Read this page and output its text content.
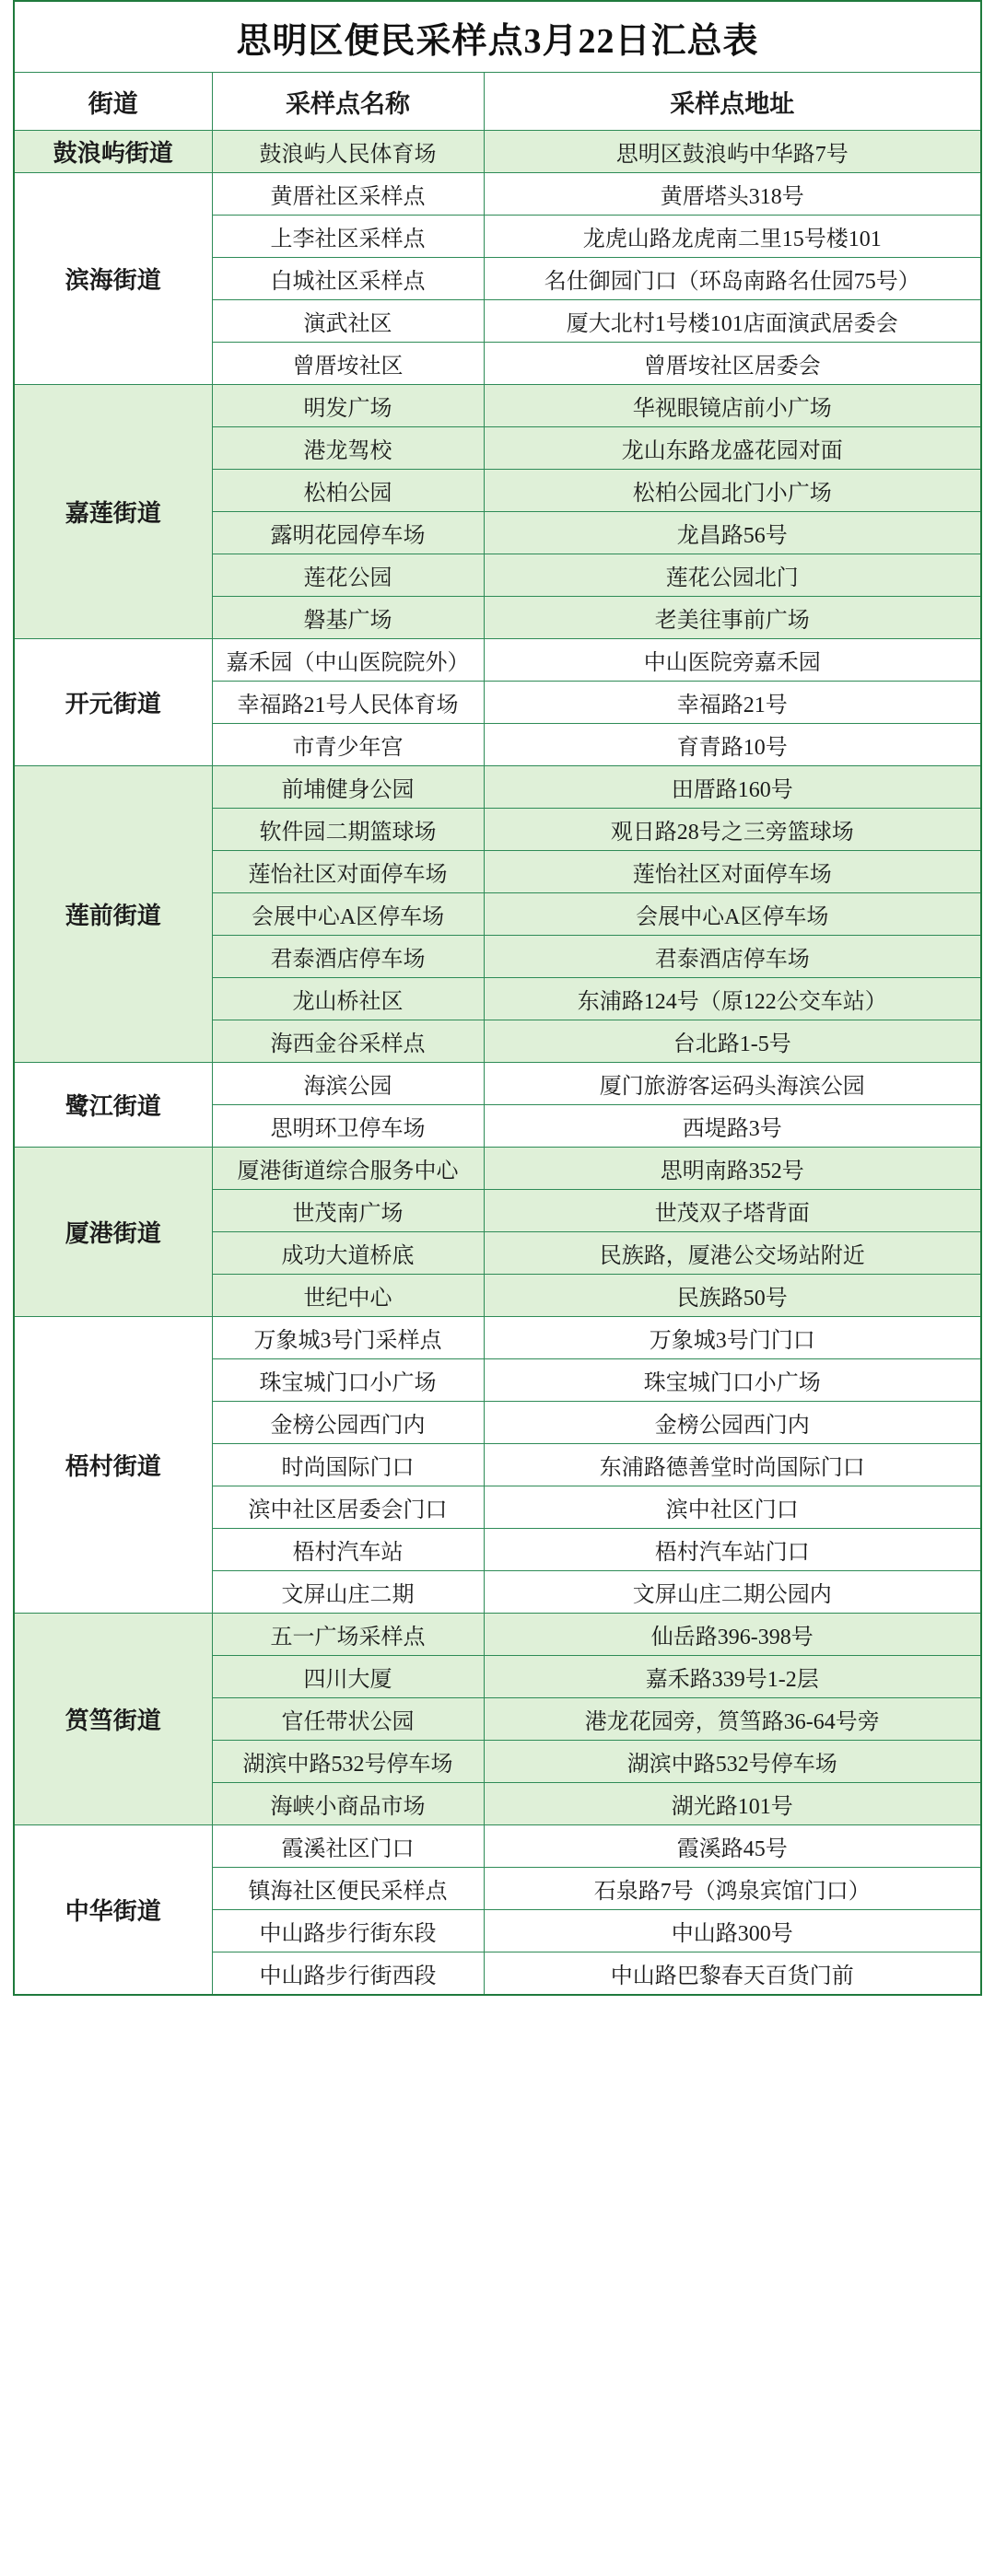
思明区便民采样点3月22日汇总表		
街道	采样点名称	采样点地址
鼓浪屿街道	鼓浪屿人民体育场	思明区鼓浪屿中华路7号
滨海街道	黄厝社区采样点	黄厝塔头318号
	上李社区采样点	龙虎山路龙虎南二里15号楼101
	白城社区采样点	名仕御园门口（环岛南路名仕园75号）
	演武社区	厦大北村1号楼101店面演武居委会
	曾厝垵社区	曾厝垵社区居委会
嘉莲街道	明发广场	华视眼镜店前小广场
	港龙驾校	龙山东路龙盛花园对面
	松柏公园	松柏公园北门小广场
	露明花园停车场	龙昌路56号
	莲花公园	莲花公园北门
	磐基广场	老美往事前广场
开元街道	嘉禾园（中山医院院外）	中山医院旁嘉禾园
	幸福路21号人民体育场	幸福路21号
	市青少年宫	育青路10号
莲前街道	前埔健身公园	田厝路160号
	软件园二期篮球场	观日路28号之三旁篮球场
	莲怡社区对面停车场	莲怡社区对面停车场
	会展中心A区停车场	会展中心A区停车场
	君泰酒店停车场	君泰酒店停车场
	龙山桥社区	东浦路124号（原122公交车站）
	海西金谷采样点	台北路1-5号
鹭江街道	海滨公园	厦门旅游客运码头海滨公园
	思明环卫停车场	西堤路3号
厦港街道	厦港街道综合服务中心	思明南路352号
	世茂南广场	世茂双子塔背面
	成功大道桥底	民族路，厦港公交场站附近
	世纪中心	民族路50号
梧村街道	万象城3号门采样点	万象城3号门门口
	珠宝城门口小广场	珠宝城门口小广场
	金榜公园西门内	金榜公园西门内
	时尚国际门口	东浦路德善堂时尚国际门口
	滨中社区居委会门口	滨中社区门口
	梧村汽车站	梧村汽车站门口
	文屏山庄二期	文屏山庄二期公园内
筼筜街道	五一广场采样点	仙岳路396-398号
	四川大厦	嘉禾路339号1-2层
	官任带状公园	港龙花园旁，筼筜路36-64号旁
	湖滨中路532号停车场	湖滨中路532号停车场
	海峡小商品市场	湖光路101号
中华街道	霞溪社区门口	霞溪路45号
	镇海社区便民采样点	石泉路7号（鸿泉宾馆门口）
	中山路步行街东段	中山路300号
	中山路步行街西段	中山路巴黎春天百货门前
